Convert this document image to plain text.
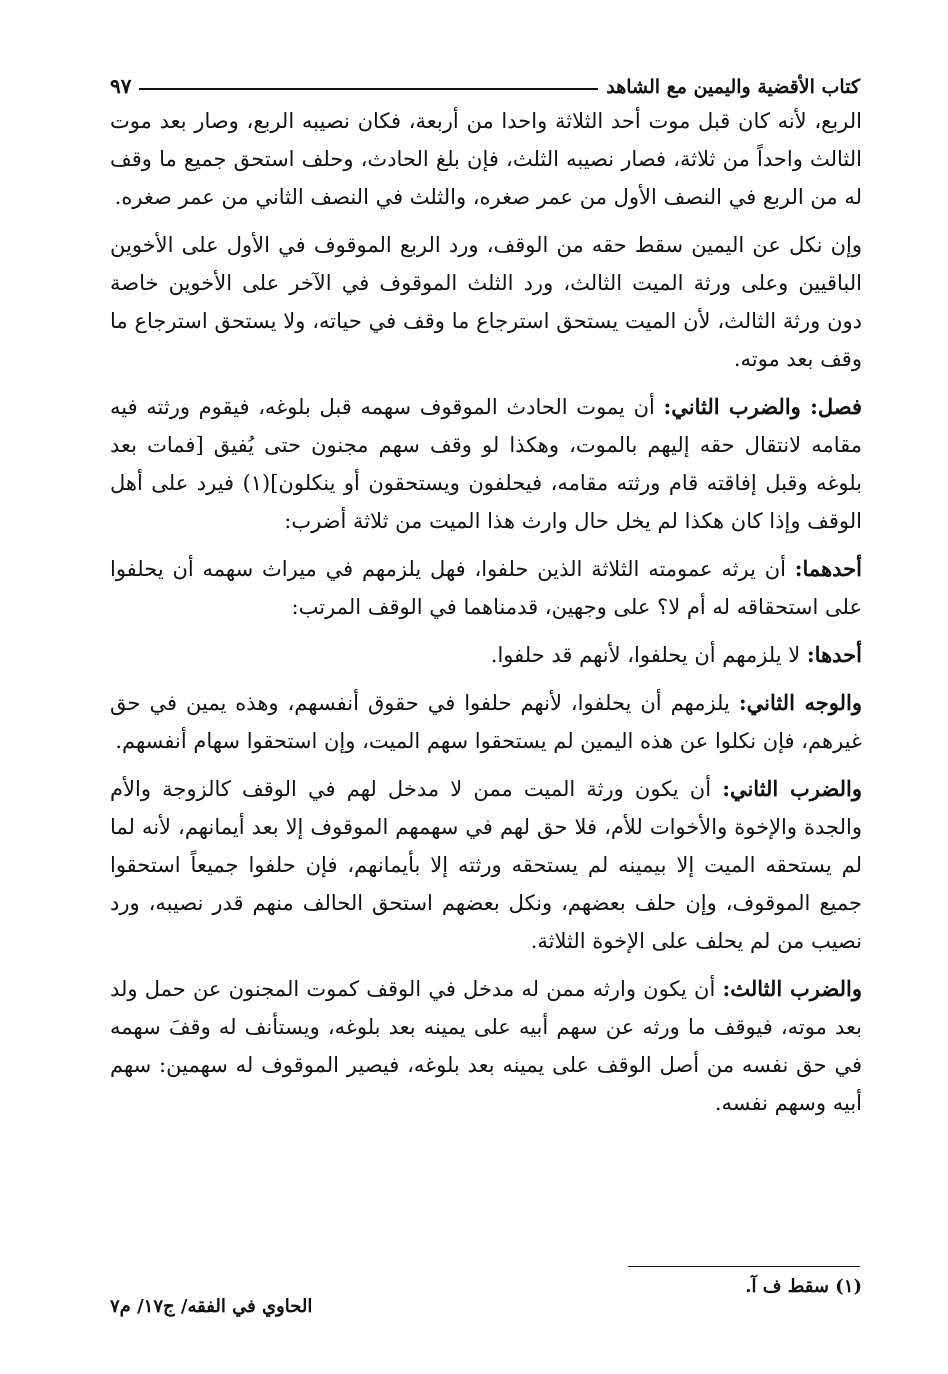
كتاب الأقضية واليمين مع الشاهد
٩٧

الربع، لأنه كان قبل موت أحد الثلاثة واحدا من أربعة، فكان نصيبه الربع، وصار بعد موت الثالث واحداً من ثلاثة، فصار نصيبه الثلث، فإن بلغ الحادث، وحلف استحق جميع ما وقف له من الربع في النصف الأول من عمر صغره، والثلث في النصف الثاني من عمر صغره.

وإن نكل عن اليمين سقط حقه من الوقف، ورد الربع الموقوف في الأول على الأخوين الباقيين وعلى ورثة الميت الثالث، ورد الثلث الموقوف في الآخر على الأخوين خاصة دون ورثة الثالث، لأن الميت يستحق استرجاع ما وقف في حياته، ولا يستحق استرجاع ما وقف بعد موته.

فصل: والضرب الثاني: أن يموت الحادث الموقوف سهمه قبل بلوغه، فيقوم ورثته فيه مقامه لانتقال حقه إليهم بالموت، وهكذا لو وقف سهم مجنون حتى يُفيق [فمات بعد بلوغه وقبل إفاقته قام ورثته مقامه، فيحلفون ويستحقون أو ينكلون](١) فيرد على أهل الوقف وإذا كان هكذا لم يخل حال وارث هذا الميت من ثلاثة أضرب:

أحدهما: أن يرثه عمومته الثلاثة الذين حلفوا، فهل يلزمهم في ميراث سهمه أن يحلفوا على استحقاقه له أم لا؟ على وجهين، قدمناهما في الوقف المرتب:

أحدها: لا يلزمهم أن يحلفوا، لأنهم قد حلفوا.

والوجه الثاني: يلزمهم أن يحلفوا، لأنهم حلفوا في حقوق أنفسهم، وهذه يمين في حق غيرهم، فإن نكلوا عن هذه اليمين لم يستحقوا سهم الميت، وإن استحقوا سهام أنفسهم.

والضرب الثاني: أن يكون ورثة الميت ممن لا مدخل لهم في الوقف كالزوجة والأم والجدة والإخوة والأخوات للأم، فلا حق لهم في سهمهم الموقوف إلا بعد أيمانهم، لأنه لما لم يستحقه الميت إلا بيمينه لم يستحقه ورثته إلا بأيمانهم، فإن حلفوا جميعاً استحقوا جميع الموقوف، وإن حلف بعضهم، ونكل بعضهم استحق الحالف منهم قدر نصيبه، ورد نصيب من لم يحلف على الإخوة الثلاثة.

والضرب الثالث: أن يكون وارثه ممن له مدخل في الوقف كموت المجنون عن حمل ولد بعد موته، فيوقف ما ورثه عن سهم أبيه على يمينه بعد بلوغه، ويستأنف له وقفَ سهمه في حق نفسه من أصل الوقف على يمينه بعد بلوغه، فيصير الموقوف له سهمين: سهم أبيه وسهم نفسه.

(١) سقط ف آ.
الحاوي في الفقه/ ج١٧/ م٧
